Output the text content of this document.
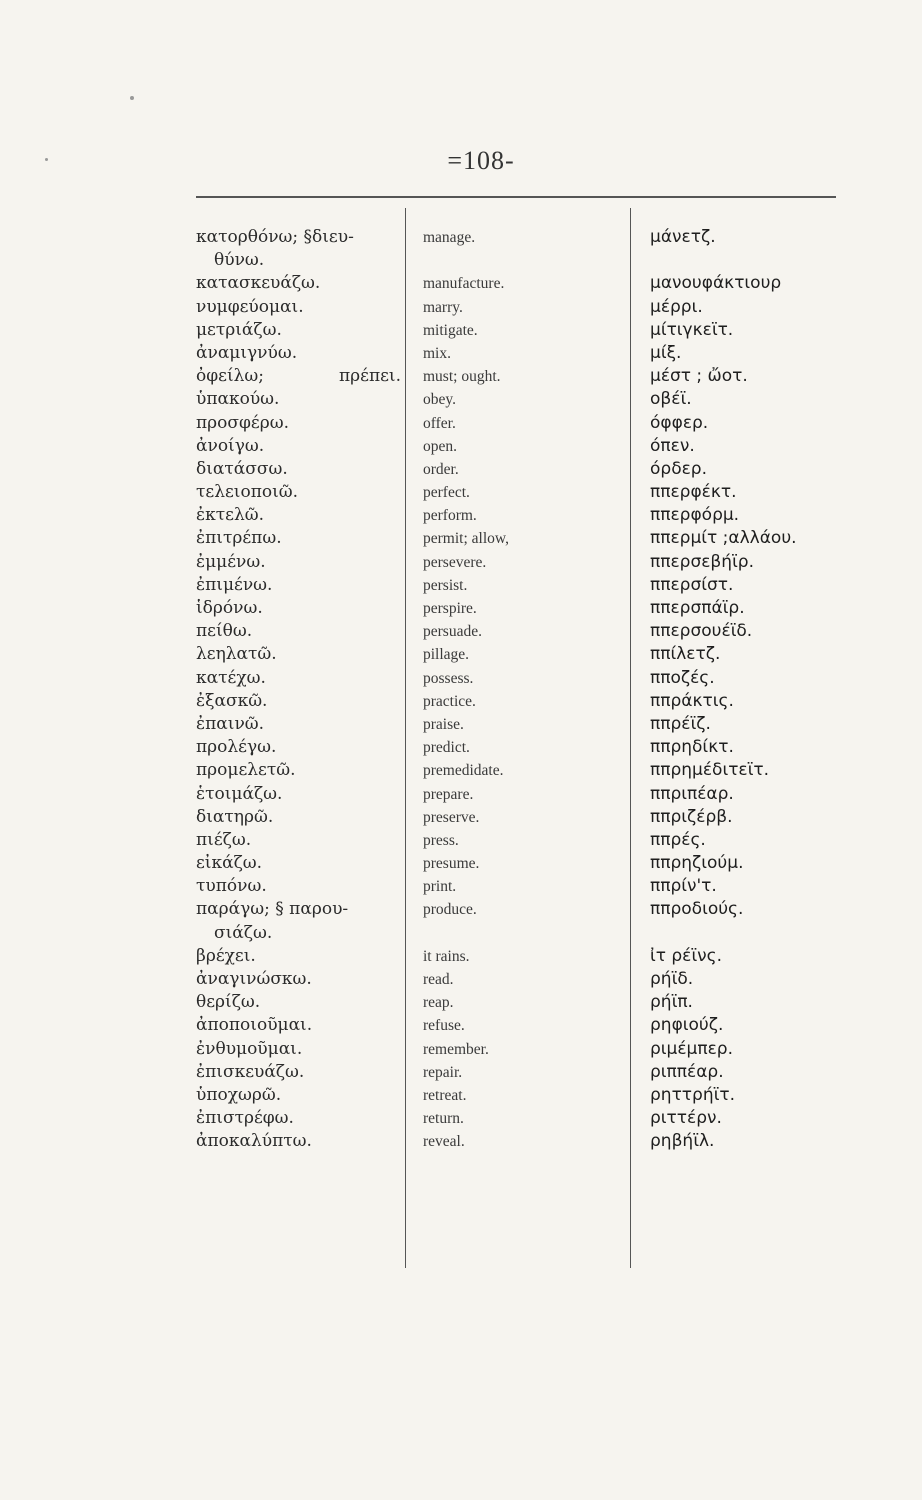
=108-
κατορθόνω; §διευ-
θύνω.
κατασκευάζω.
νυμφεύομαι.
μετριάζω.
ἀναμιγνύω.
ὀφείλω;	πρέπει.
ὑπακούω.
προσφέρω.
ἀνοίγω.
διατάσσω.
τελειοποιῶ.
ἐκτελῶ.
ἐπιτρέπω.
ἐμμένω.
ἐπιμένω.
ἱδρόνω.
πείθω.
λεηλατῶ.
κατέχω.
ἐξασκῶ.
ἐπαινῶ.
προλέγω.
προμελετῶ.
ἑτοιμάζω.
διατηρῶ.
πιέζω.
εἰκάζω.
τυπόνω.
παράγω; § παρου-
σιάζω.
βρέχει.
ἀναγινώσκω.
θερίζω.
ἀποποιοῦμαι.
ἐνθυμοῦμαι.
ἐπισκευάζω.
ὑποχωρῶ.
ἐπιστρέφω.
ἀποκαλύπτω.
manage.
manufacture.
marry.
mitigate.
mix.
must; ought.
obey.
offer.
open.
order.
perfect.
perform.
permit; allow,
persevere.
persist.
perspire.
persuade.
pillage.
possess.
practice.
praise.
predict.
premedidate.
prepare.
preserve.
press.
presume.
print.
produce.
it rains.
read.
reap.
refuse.
remember.
repair.
retreat.
return.
reveal.
μάνετζ.
μανουφάκτιουρ
μέρρι.
μίτιγκεϊτ.
μίξ.
μέστ ; ὤοτ.
οβέϊ.
όφφερ.
όπεν.
όρδερ.
ππερφέκτ.
ππερφόρμ.
ππερμίτ ;αλλάου.
ππερσεβήϊρ.
ππερσίστ.
ππερσπάϊρ.
ππερσουέϊδ.
ππίλετζ.
πποζές.
ππράκτις.
ππρέϊζ.
ππρηδίκτ.
ππρημέδιτεϊτ.
ππριπέαρ.
ππριζέρβ.
ππρές.
ππρηζιούμ.
ππρίν'τ.
ππροδιούς.
ἰτ ρέϊνς.
ρήϊδ.
ρήϊπ.
ρηφιούζ.
ριμέμπερ.
ριππέαρ.
ρηττρήϊτ.
ριττέρν.
ρηβήϊλ.
